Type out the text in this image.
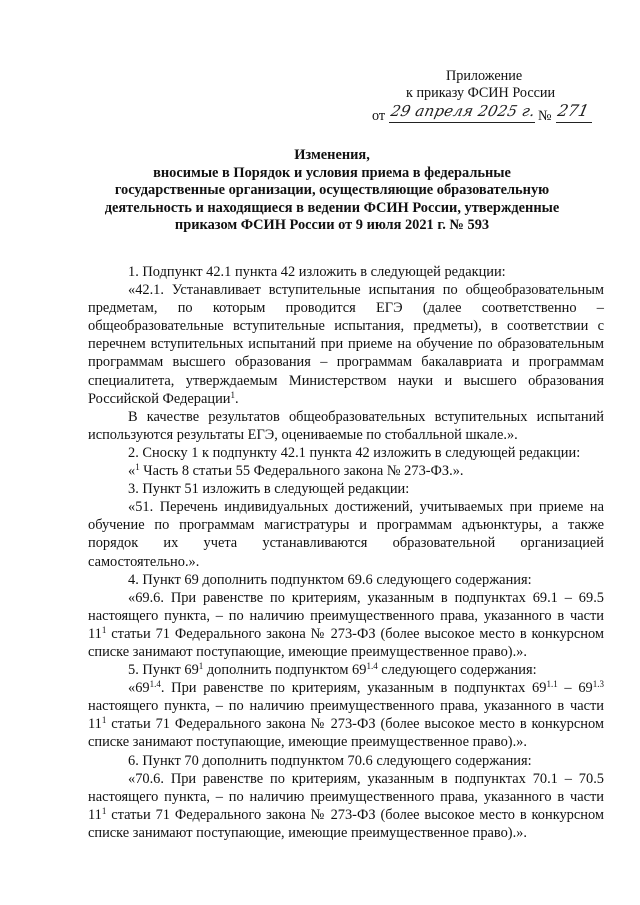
Приложение
к приказу ФСИН России
от 29 апреля 2025 г. № 271
Изменения,
вносимые в Порядок и условия приема в федеральные
государственные организации, осуществляющие образовательную
деятельность и находящиеся в ведении ФСИН России, утвержденные
приказом ФСИН России от 9 июля 2021 г. № 593

1. Подпункт 42.1 пункта 42 изложить в следующей редакции:

«42.1. Устанавливает вступительные испытания по общеобразовательным предметам, по которым проводится ЕГЭ (далее соответственно – общеобразовательные вступительные испытания, предметы), в соответствии с перечнем вступительных испытаний при приеме на обучение по образовательным программам высшего образования – программам бакалавриата и программам специалитета, утверждаемым Министерством науки и высшего образования Российской Федерации$^1$.

В качестве результатов общеобразовательных вступительных испытаний используются результаты ЕГЭ, оцениваемые по стобалльной шкале.».

2. Сноску 1 к подпункту 42.1 пункта 42 изложить в следующей редакции:

«$^1$ Часть 8 статьи 55 Федерального закона № 273-ФЗ.».

3. Пункт 51 изложить в следующей редакции:

«51. Перечень индивидуальных достижений, учитываемых при приеме на обучение по программам магистратуры и программам адъюнктуры, а также порядок их учета устанавливаются образовательной организацией самостоятельно.».

4. Пункт 69 дополнить подпунктом 69.6 следующего содержания:

«69.6. При равенстве по критериям, указанным в подпунктах 69.1 – 69.5 настоящего пункта, – по наличию преимущественного права, указанного в части $11^1$ статьи 71 Федерального закона № 273-ФЗ (более высокое место в конкурсном списке занимают поступающие, имеющие преимущественное право).».

5. Пункт $69^1$ дополнить подпунктом $69^{1.4}$ следующего содержания:

«$69^{1.4}$. При равенстве по критериям, указанным в подпунктах $69^{1.1} - 69^{1.3}$ настоящего пункта, – по наличию преимущественного права, указанного в части $11^1$ статьи 71 Федерального закона № 273-ФЗ (более высокое место в конкурсном списке занимают поступающие, имеющие преимущественное право).».

6. Пункт 70 дополнить подпунктом 70.6 следующего содержания:

«70.6. При равенстве по критериям, указанным в подпунктах 70.1 – 70.5 настоящего пункта, – по наличию преимущественного права, указанного в части $11^1$ статьи 71 Федерального закона № 273-ФЗ (более высокое место в конкурсном списке занимают поступающие, имеющие преимущественное право).».
